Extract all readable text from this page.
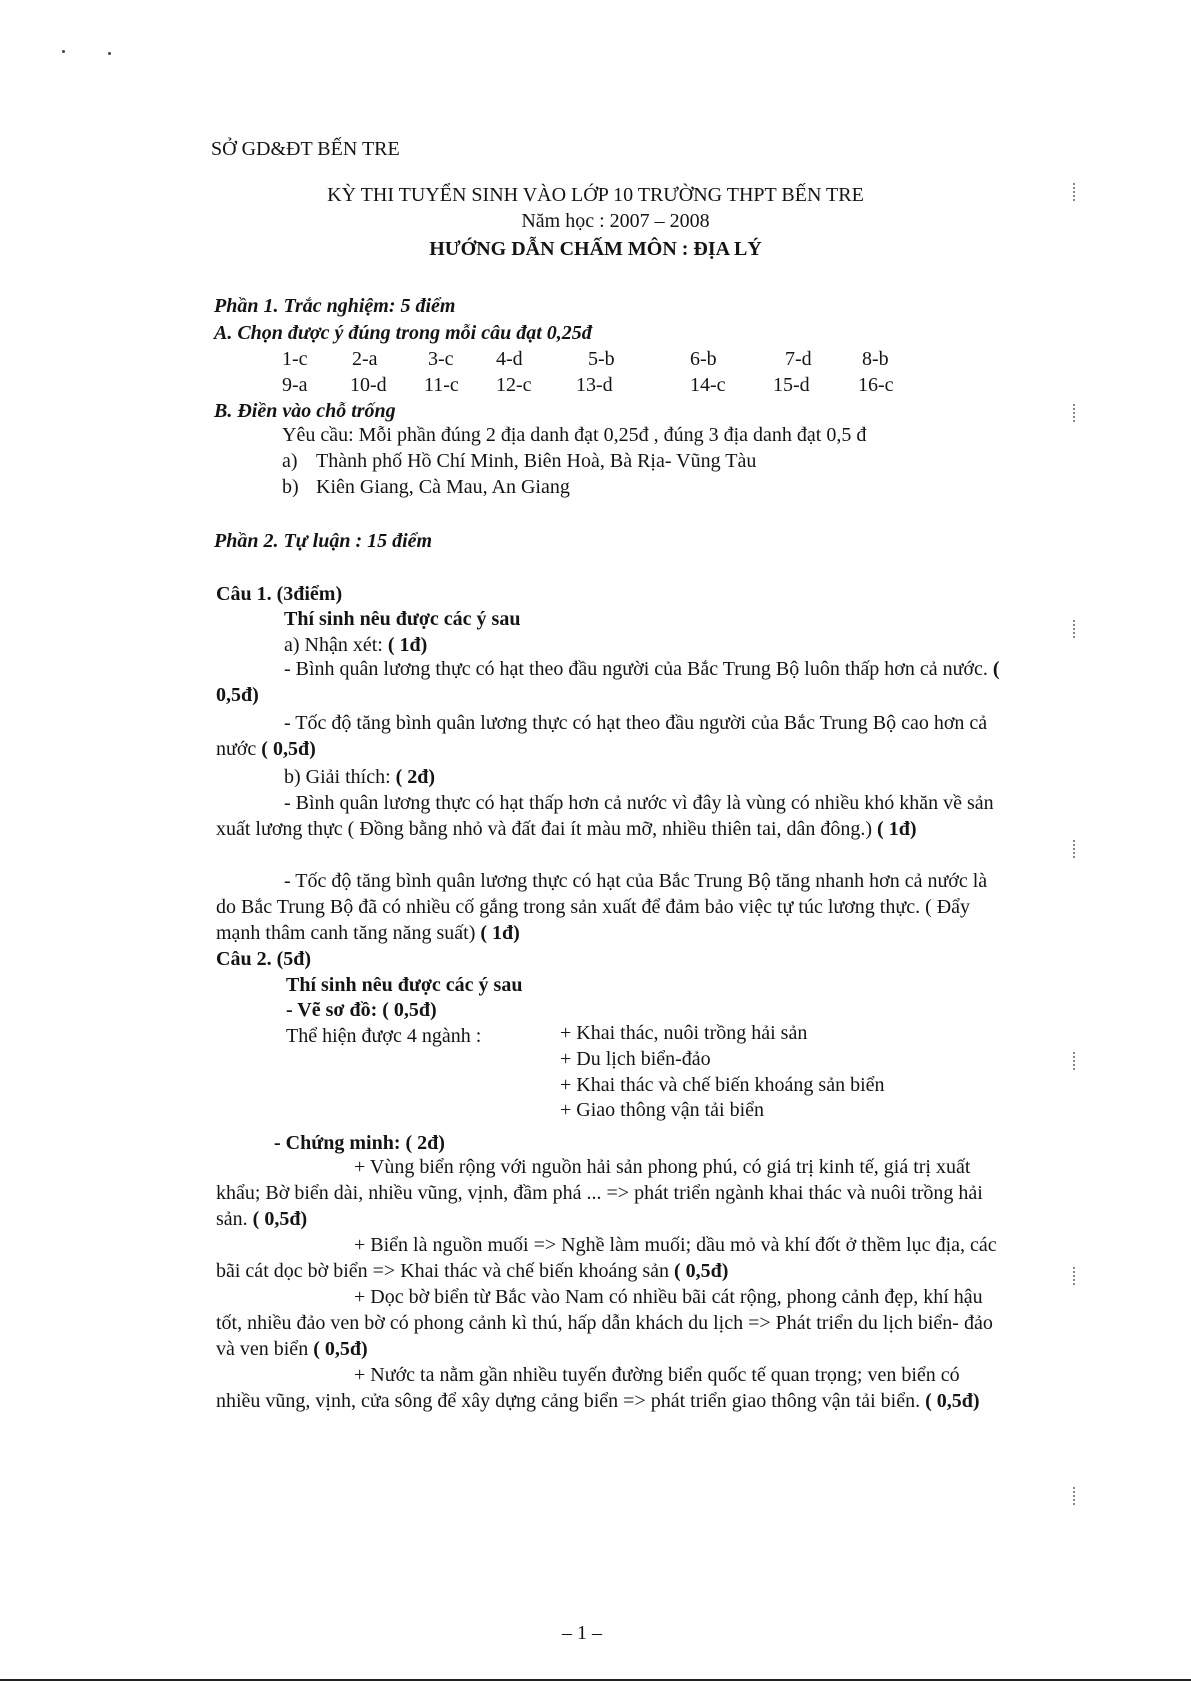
SỞ GD&ĐT BẾN TRE
KỲ THI TUYỂN SINH VÀO LỚP 10 TRƯỜNG THPT BẾN TRE
Năm học : 2007 – 2008
HƯỚNG DẪN CHẤM MÔN : ĐỊA LÝ
Phần 1. Trắc nghiệm: 5 điểm
A. Chọn được ý đúng trong mỗi câu đạt 0,25đ
1-c 2-a	3-c 4-d	5-b	6-b	7-d	8-b
9-a 10-d 11-c 12-c 13-d	14-c 15-d 16-c
B. Điền vào chỗ trống
Yêu cầu: Mỗi phần đúng 2 địa danh đạt 0,25đ , đúng 3 địa danh đạt 0,5 đ
a) Thành phố Hồ Chí Minh, Biên Hoà, Bà Rịa- Vũng Tàu
b) Kiên Giang, Cà Mau, An Giang
Phần 2. Tự luận : 15 điểm
Câu 1. (3điểm)
Thí sinh nêu được các ý sau
a) Nhận xét: ( 1đ)
- Bình quân lương thực có hạt theo đầu người của Bắc Trung Bộ luôn thấp hơn cả nước. ( 0,5đ)
- Tốc độ tăng bình quân lương thực có hạt theo đầu người của Bắc Trung Bộ cao hơn cả nước ( 0,5đ)
b) Giải thích: ( 2đ)
- Bình quân lương thực có hạt thấp hơn cả nước vì đây là vùng có nhiều khó khăn về sản xuất lương thực ( Đồng bằng nhỏ và đất đai ít màu mỡ, nhiều thiên tai, dân đông.) ( 1đ)
- Tốc độ tăng bình quân lương thực có hạt của Bắc Trung Bộ tăng nhanh hơn cả nước là do Bắc Trung Bộ đã có nhiều cố gắng trong sản xuất để đảm bảo việc tự túc lương thực. ( Đẩy mạnh thâm canh tăng năng suất) ( 1đ)
Câu 2. (5đ)
Thí sinh nêu được các ý sau
- Vẽ sơ đồ: ( 0,5đ)
Thể hiện được 4 ngành :	+ Khai thác, nuôi trồng hải sản
+ Du lịch biển-đảo
+ Khai thác và chế biến khoáng sản biển
+ Giao thông vận tải biển
- Chứng minh: ( 2đ)
+ Vùng biển rộng với nguồn hải sản phong phú, có giá trị kinh tế, giá trị xuất khẩu; Bờ biển dài, nhiều vũng, vịnh, đầm phá ... => phát triển ngành khai thác và nuôi trồng hải sản. ( 0,5đ)
+ Biển là nguồn muối => Nghề làm muối; dầu mỏ và khí đốt ở thềm lục địa, các bãi cát dọc bờ biển => Khai thác và chế biến khoáng sản ( 0,5đ)
+ Dọc bờ biển từ Bắc vào Nam có nhiều bãi cát rộng, phong cảnh đẹp, khí hậu tốt, nhiều đảo ven bờ có phong cảnh kì thú, hấp dẫn khách du lịch => Phát triển du lịch biển- đảo và ven biển ( 0,5đ)
+ Nước ta nằm gần nhiều tuyến đường biển quốc tế quan trọng; ven biển có nhiều vũng, vịnh, cửa sông để xây dựng cảng biển => phát triển giao thông vận tải biển. ( 0,5đ)
– 1 –
